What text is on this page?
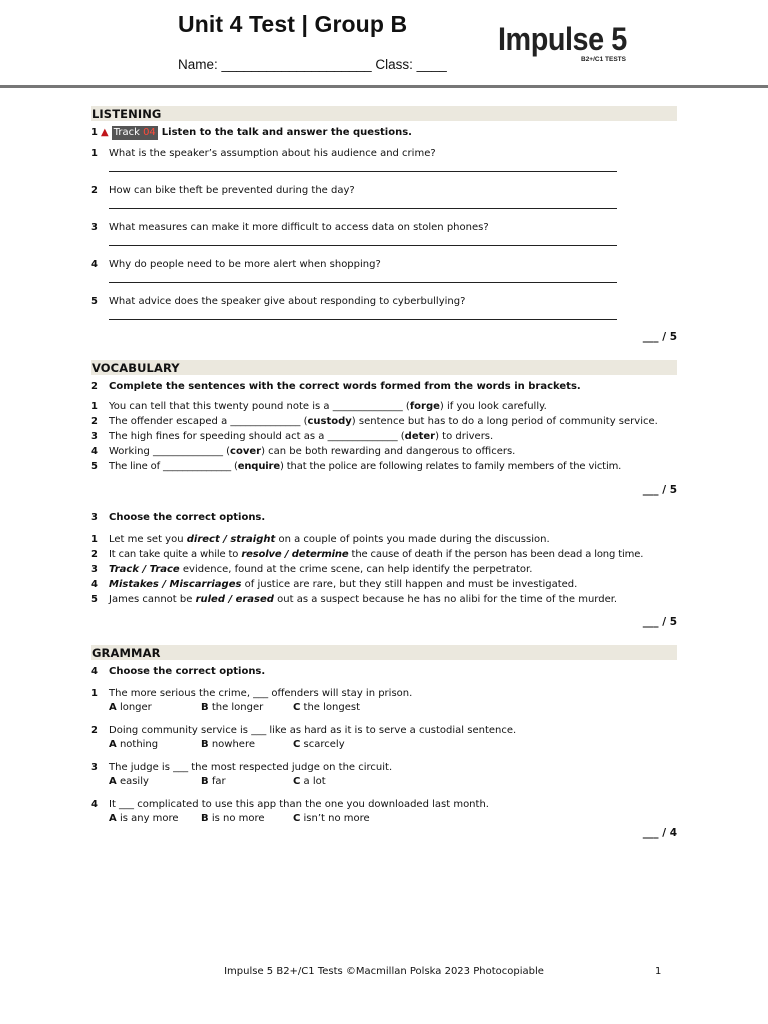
Unit 4 Test | Group B
Name: ____________________ Class: ____
Impulse 5
B2+/C1 TESTS
LISTENING
1 ▲ Track 04 Listen to the talk and answer the questions.
1	What is the speaker’s assumption about his audience and crime?
2	How can bike theft be prevented during the day?
3	What measures can make it more difficult to access data on stolen phones?
4	Why do people need to be more alert when shopping?
5	What advice does the speaker give about responding to cyberbullying?
___ / 5
VOCABULARY
2	Complete the sentences with the correct words formed from the words in brackets.
1	You can tell that this twenty pound note is a ______________ (forge) if you look carefully.
2	The offender escaped a ______________ (custody) sentence but has to do a long period of community service.
3	The high fines for speeding should act as a ______________ (deter) to drivers.
4	Working ______________ (cover) can be both rewarding and dangerous to officers.
5	The line of ______________ (enquire) that the police are following relates to family members of the victim.
___ / 5
3	Choose the correct options.
1	Let me set you direct / straight on a couple of points you made during the discussion.
2	It can take quite a while to resolve / determine the cause of death if the person has been dead a long time.
3	Track / Trace evidence, found at the crime scene, can help identify the perpetrator.
4	Mistakes / Miscarriages of justice are rare, but they still happen and must be investigated.
5	James cannot be ruled / erased out as a suspect because he has no alibi for the time of the murder.
___ / 5
GRAMMAR
4	Choose the correct options.
1	The more serious the crime, ___ offenders will stay in prison.
A longer	B the longer	C the longest
2	Doing community service is ___ like as hard as it is to serve a custodial sentence.
A nothing	B nowhere	C scarcely
3	The judge is ___ the most respected judge on the circuit.
A easily	B far	C a lot
4	It ___ complicated to use this app than the one you downloaded last month.
A is any more	B is no more	C isn’t no more
___ / 4
Impulse 5 B2+/C1 Tests ©Macmillan Polska 2023 Photocopiable	1
